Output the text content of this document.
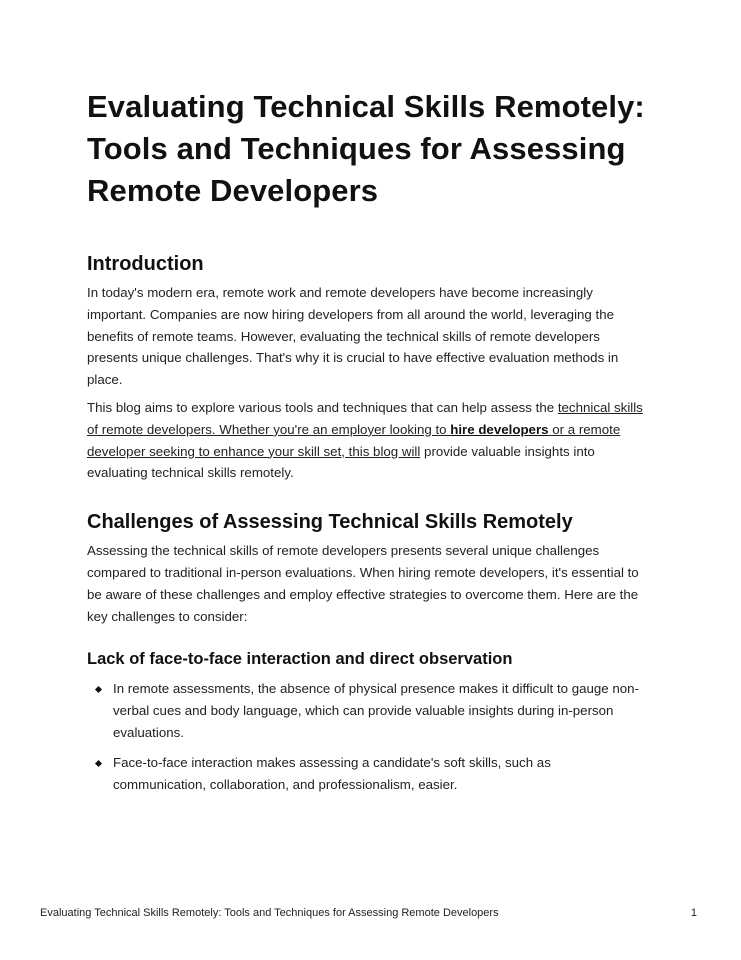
Evaluating Technical Skills Remotely: Tools and Techniques for Assessing Remote Developers
Introduction

In today's modern era, remote work and remote developers have become increasingly important. Companies are now hiring developers from all around the world, leveraging the benefits of remote teams. However, evaluating the technical skills of remote developers presents unique challenges. That's why it is crucial to have effective evaluation methods in place.

This blog aims to explore various tools and techniques that can help assess the technical skills of remote developers. Whether you're an employer looking to hire developers or a remote developer seeking to enhance your skill set, this blog will provide valuable insights into evaluating technical skills remotely.

Challenges of Assessing Technical Skills Remotely

Assessing the technical skills of remote developers presents several unique challenges compared to traditional in-person evaluations. When hiring remote developers, it's essential to be aware of these challenges and employ effective strategies to overcome them. Here are the key challenges to consider:

Lack of face-to-face interaction and direct observation
In remote assessments, the absence of physical presence makes it difficult to gauge non-verbal cues and body language, which can provide valuable insights during in-person evaluations.
Face-to-face interaction makes assessing a candidate's soft skills, such as communication, collaboration, and professionalism, easier.
Evaluating Technical Skills Remotely: Tools and Techniques for Assessing Remote Developers	1
